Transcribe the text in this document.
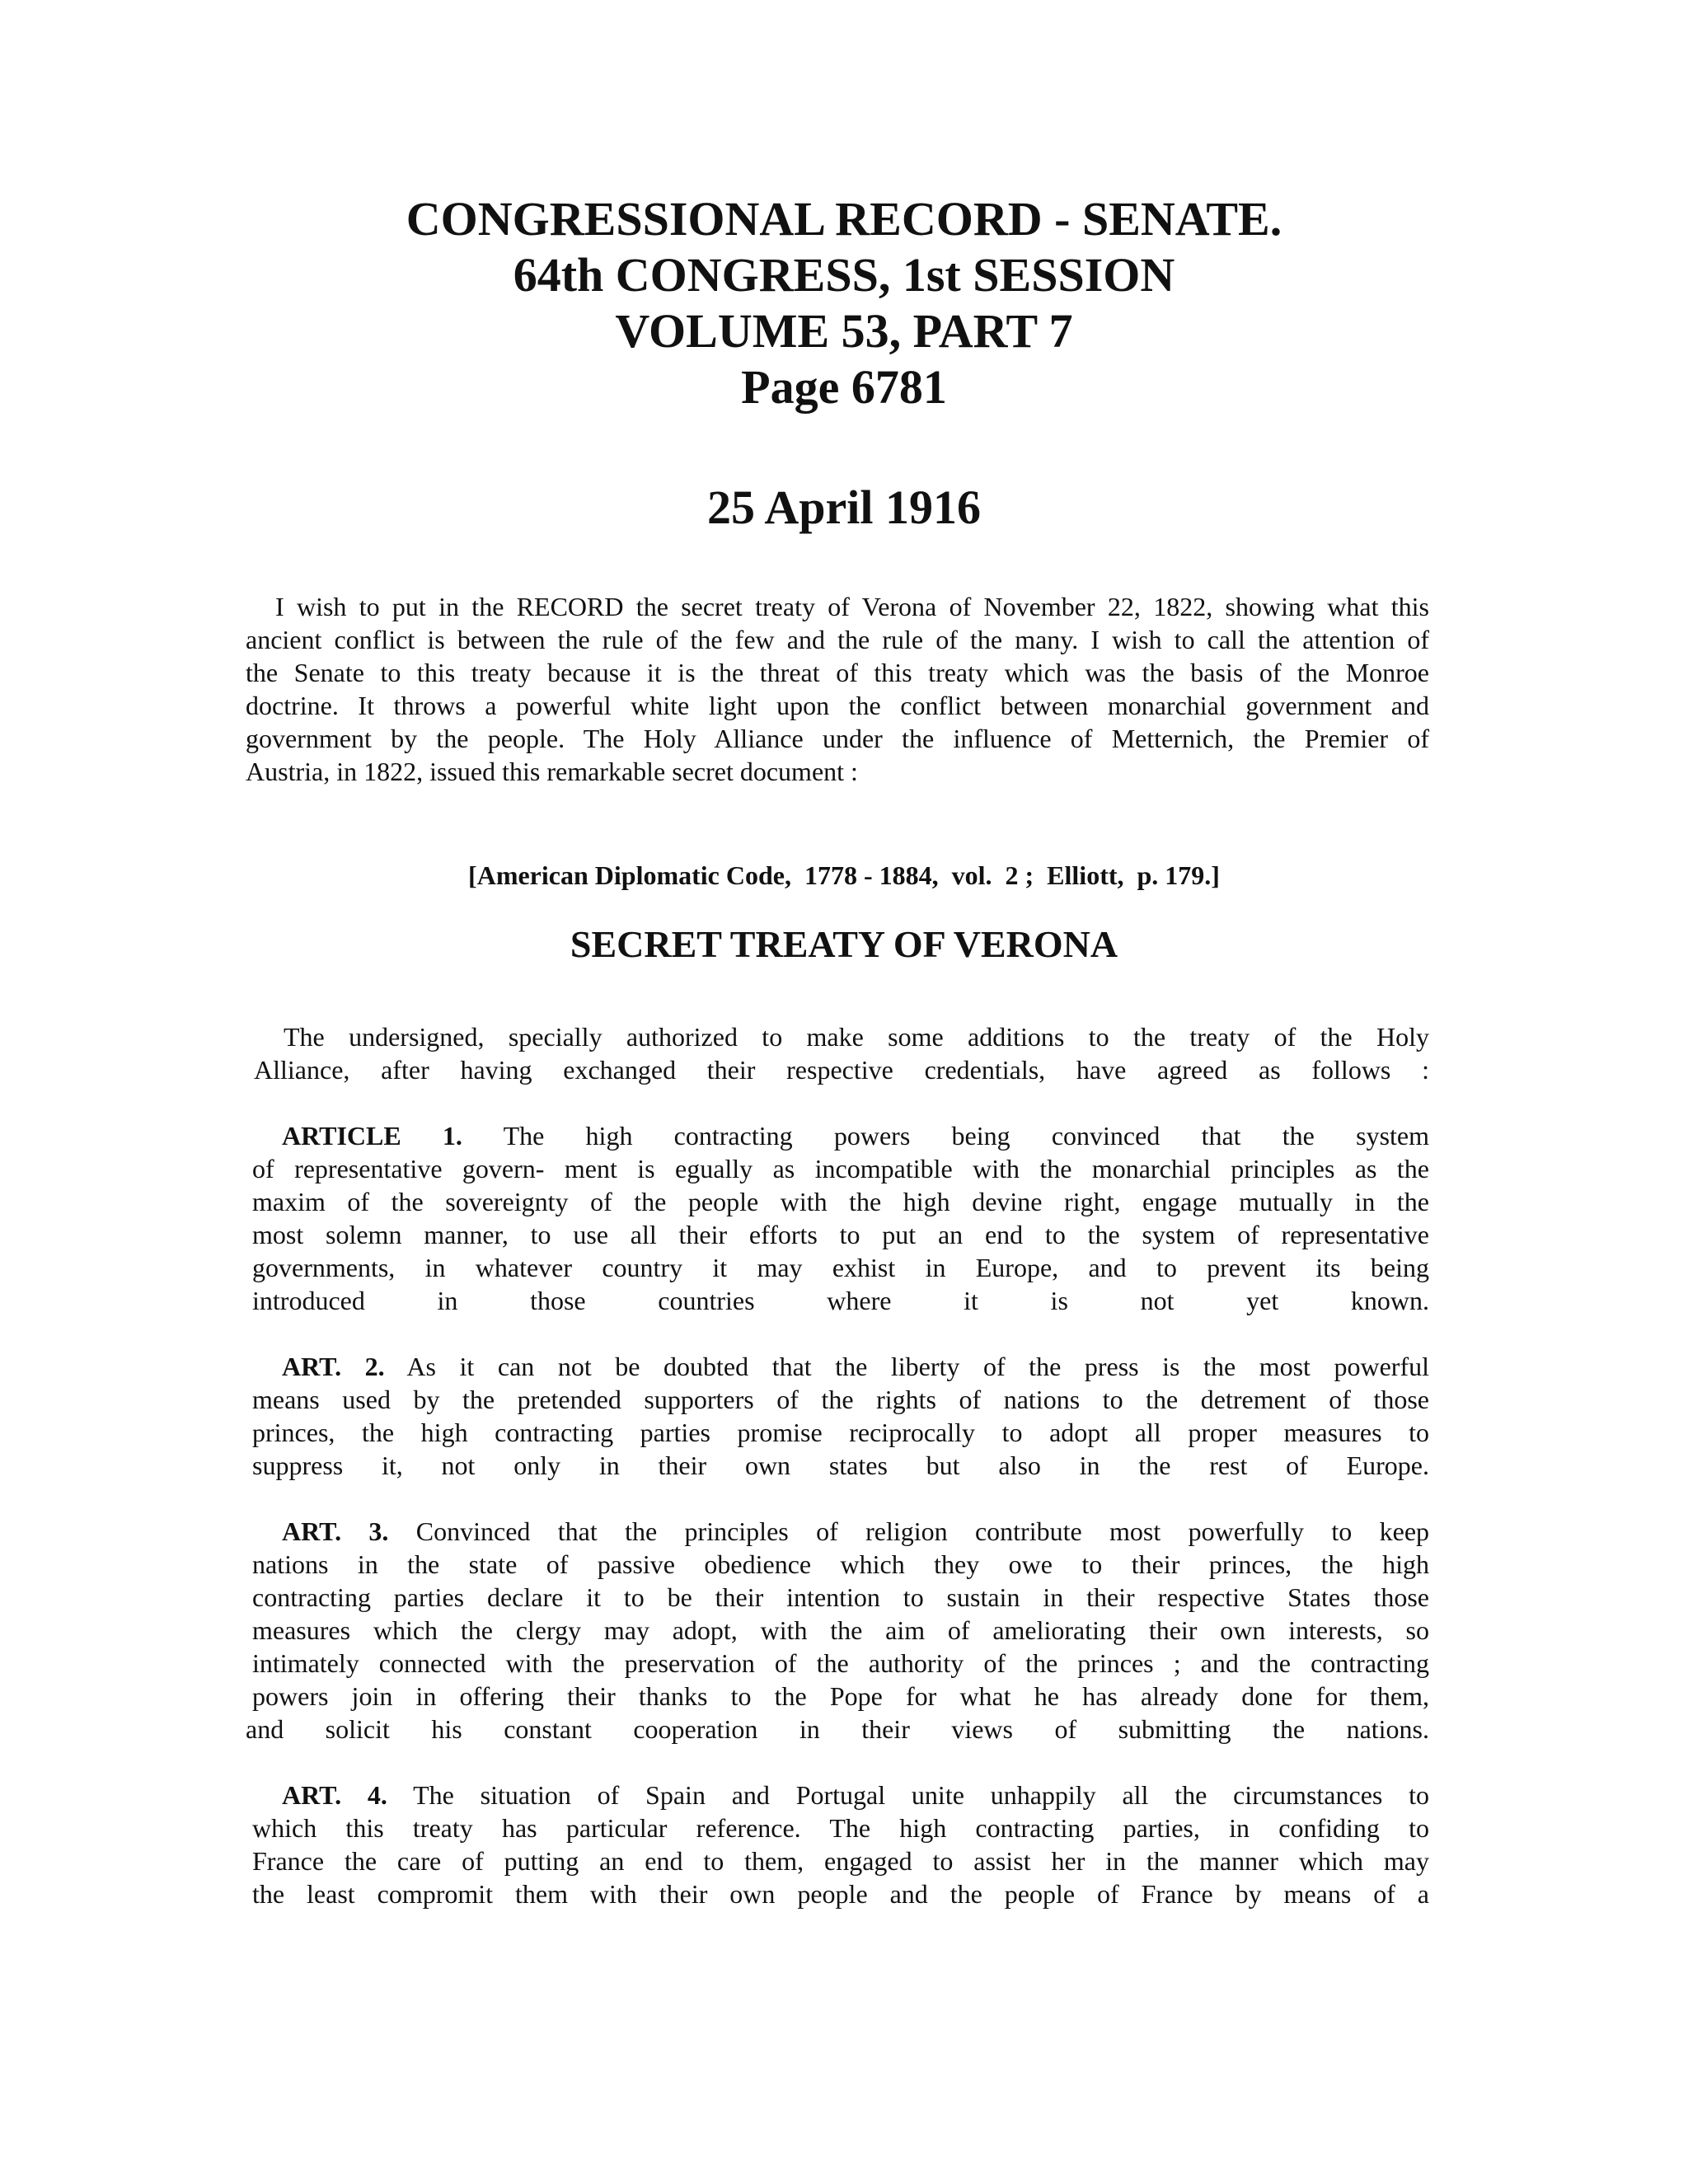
CONGRESSIONAL RECORD - SENATE.
64th CONGRESS, 1st SESSION
VOLUME 53, PART 7
Page 6781
25 April 1916
I wish to put in the RECORD the secret treaty of Verona of November 22, 1822, showing what this
ancient conflict is between the rule of the few and the rule of the many. I wish to call the attention of
the Senate to this treaty because it is the threat of this treaty which was the basis of the Monroe
doctrine. It throws a powerful white light upon the conflict between monarchial government and
government by the people. The Holy Alliance under the influence of Metternich, the Premier of
Austria, in 1822, issued this remarkable secret document :
[American Diplomatic Code,  1778 - 1884,  vol.  2 ;  Elliott,  p. 179.]
SECRET TREATY OF VERONA
The undersigned, specially authorized to make some additions to the treaty of the Holy
Alliance, after having exchanged their respective credentials, have agreed as follows :
ARTICLE 1. The high contracting powers being convinced that the system
of representative govern- ment is egually as incompatible with the monarchial principles as the
maxim of the sovereignty of the people with the high devine right, engage mutually in the
most solemn manner, to use all their efforts to put an end to the system of representative
governments, in whatever country it may exhist in Europe, and to prevent its being
introduced in those countries where it is not yet known.
ART. 2. As it can not be doubted that the liberty of the press is the most powerful
means used by the pretended supporters of the rights of nations to the detrement of those
princes, the high contracting parties promise reciprocally to adopt all proper measures to
suppress it, not only in their own states but also in the rest of Europe.
ART. 3. Convinced that the principles of religion contribute most powerfully to keep
nations in the state of passive obedience which they owe to their princes, the high
contracting parties declare it to be their intention to sustain in their respective States those
measures which the clergy may adopt, with the aim of ameliorating their own interests, so
intimately connected with the preservation of the authority of the princes ; and the contracting
powers join in offering their thanks to the Pope for what he has already done for them,
and solicit his constant cooperation in their views of submitting the nations.
ART. 4. The situation of Spain and Portugal unite unhappily all the circumstances to
which this treaty has particular reference. The high contracting parties, in confiding to
France the care of putting an end to them, engaged to assist her in the manner which may
the least compromit them with their own people and the people of France by means of a
